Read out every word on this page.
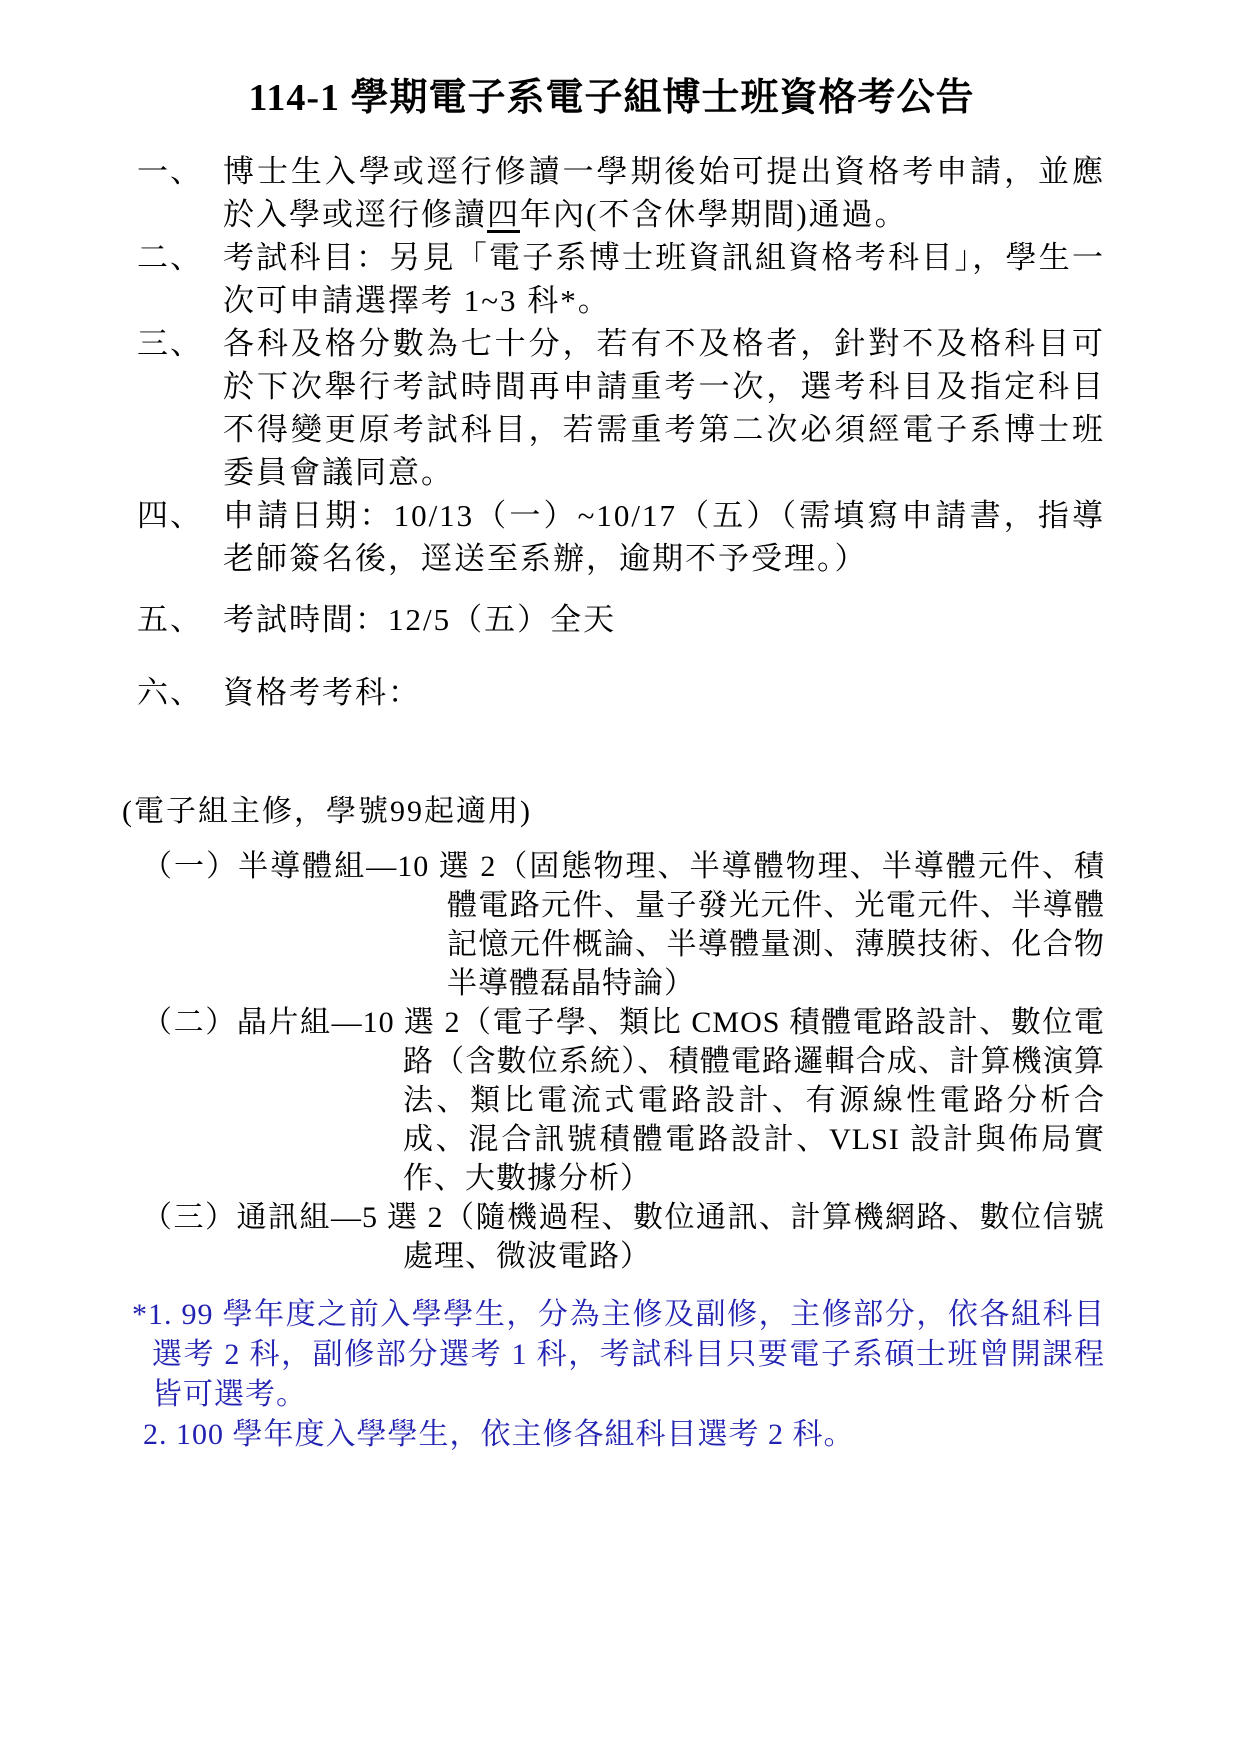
114-1 學期電子系電子組博士班資格考公告
一、 博士生入學或逕行修讀一學期後始可提出資格考申請，並應於入學或逕行修讀四年內(不含休學期間)通過。
二、 考試科目：另見「電子系博士班資訊組資格考科目」，學生一次可申請選擇考 1~3 科*。
三、 各科及格分數為七十分，若有不及格者，針對不及格科目可於下次舉行考試時間再申請重考一次，選考科目及指定科目不得變更原考試科目，若需重考第二次必須經電子系博士班委員會議同意。
四、 申請日期：10/13（一）~10/17（五）（需填寫申請書，指導老師簽名後，逕送至系辦，逾期不予受理。）
五、 考試時間：12/5（五）全天
六、 資格考考科：
(電子組主修，學號99起適用)
（一）半導體組—10 選 2（固態物理、半導體物理、半導體元件、積體電路元件、量子發光元件、光電元件、半導體記憶元件概論、半導體量測、薄膜技術、化合物半導體磊晶特論）
（二）晶片組—10 選 2（電子學、類比 CMOS 積體電路設計、數位電路（含數位系統）、積體電路邏輯合成、計算機演算法、類比電流式電路設計、有源線性電路分析合成、混合訊號積體電路設計、VLSI 設計與佈局實作、大數據分析）
（三）通訊組—5 選 2（隨機過程、數位通訊、計算機網路、數位信號處理、微波電路）
*1. 99 學年度之前入學學生，分為主修及副修，主修部分，依各組科目選考 2 科，副修部分選考 1 科，考試科目只要電子系碩士班曾開課程皆可選考。
2. 100 學年度入學學生，依主修各組科目選考 2 科。
